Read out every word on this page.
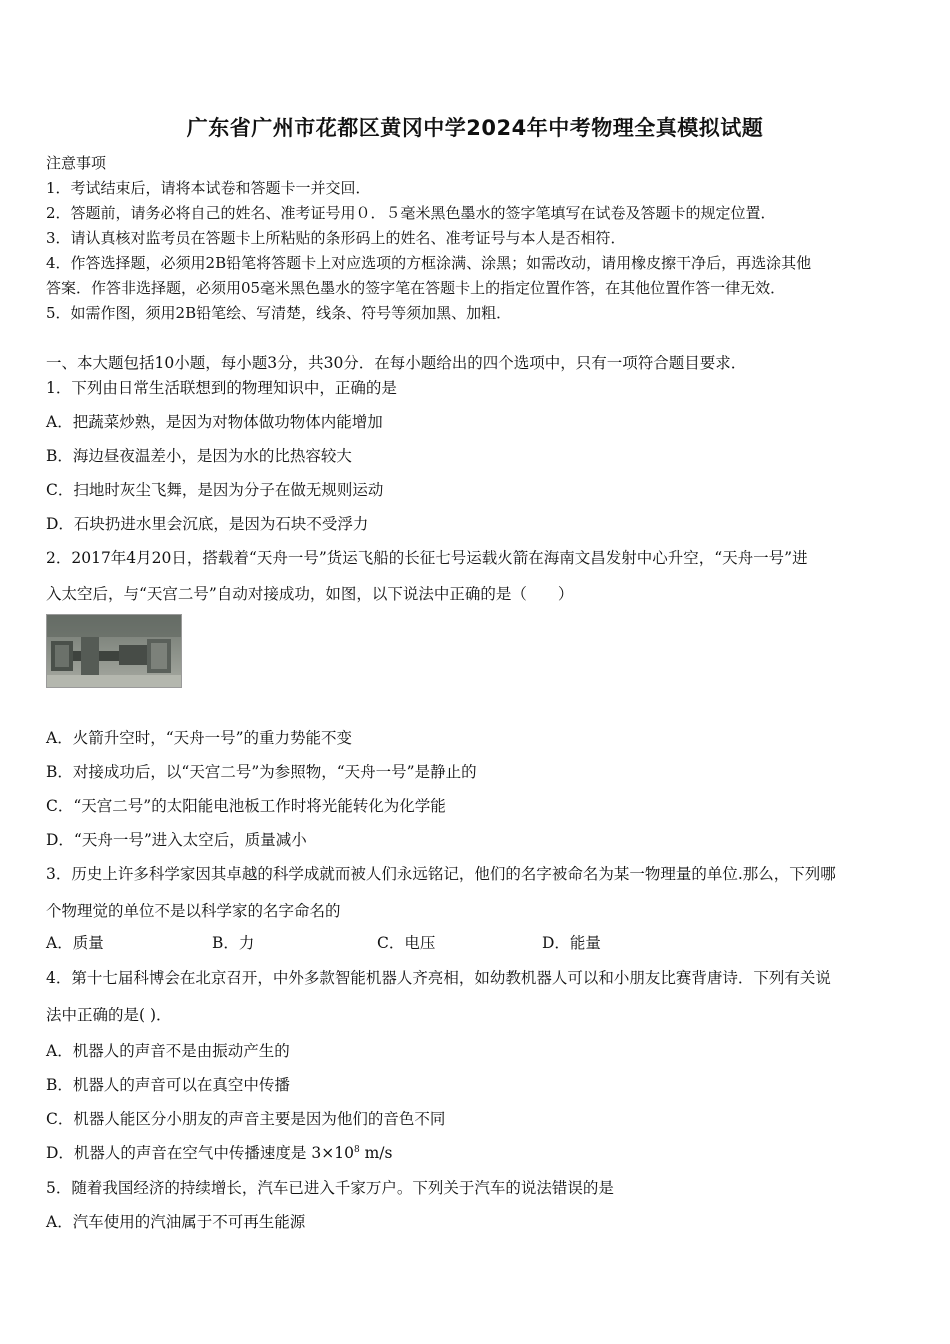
广东省广州市花都区黄冈中学2024年中考物理全真模拟试题
注意事项
1．考试结束后，请将本试卷和答题卡一并交回．
2．答题前，请务必将自己的姓名、准考证号用０．５毫米黑色墨水的签字笔填写在试卷及答题卡的规定位置．
3．请认真核对监考员在答题卡上所粘贴的条形码上的姓名、准考证号与本人是否相符．
4．作答选择题，必须用2B铅笔将答题卡上对应选项的方框涂满、涂黑；如需改动，请用橡皮擦干净后，再选涂其他
答案．作答非选择题，必须用05毫米黑色墨水的签字笔在答题卡上的指定位置作答，在其他位置作答一律无效．
5．如需作图，须用2B铅笔绘、写清楚，线条、符号等须加黑、加粗．
一、本大题包括10小题，每小题3分，共30分．在每小题给出的四个选项中，只有一项符合题目要求．
1．下列由日常生活联想到的物理知识中，正确的是
A．把蔬菜炒熟，是因为对物体做功物体内能增加
B．海边昼夜温差小，是因为水的比热容较大
C．扫地时灰尘飞舞，是因为分子在做无规则运动
D．石块扔进水里会沉底，是因为石块不受浮力
2．2017年4月20日，搭载着“天舟一号”货运飞船的长征七号运载火箭在海南文昌发射中心升空，“天舟一号”进
入太空后，与“天宫二号”自动对接成功，如图，以下说法中正确的是（　　）
A．火箭升空时，“天舟一号”的重力势能不变
B．对接成功后，以“天宫二号”为参照物，“天舟一号”是静止的
C．“天宫二号”的太阳能电池板工作时将光能转化为化学能
D．“天舟一号”进入太空后，质量减小
3．历史上许多科学家因其卓越的科学成就而被人们永远铭记，他们的名字被命名为某一物理量的单位.那么，下列哪
个物理觉的单位不是以科学家的名字命名的
A．质量	B．力	C．电压	D．能量
4．第十七届科博会在北京召开，中外多款智能机器人齐亮相，如幼教机器人可以和小朋友比赛背唐诗．下列有关说
法中正确的是( )．
A．机器人的声音不是由振动产生的
B．机器人的声音可以在真空中传播
C．机器人能区分小朋友的声音主要是因为他们的音色不同
D．机器人的声音在空气中传播速度是 $3\times 10^8$ m/s
5．随着我国经济的持续增长，汽车已进入千家万户。下列关于汽车的说法错误的是
A．汽车使用的汽油属于不可再生能源
